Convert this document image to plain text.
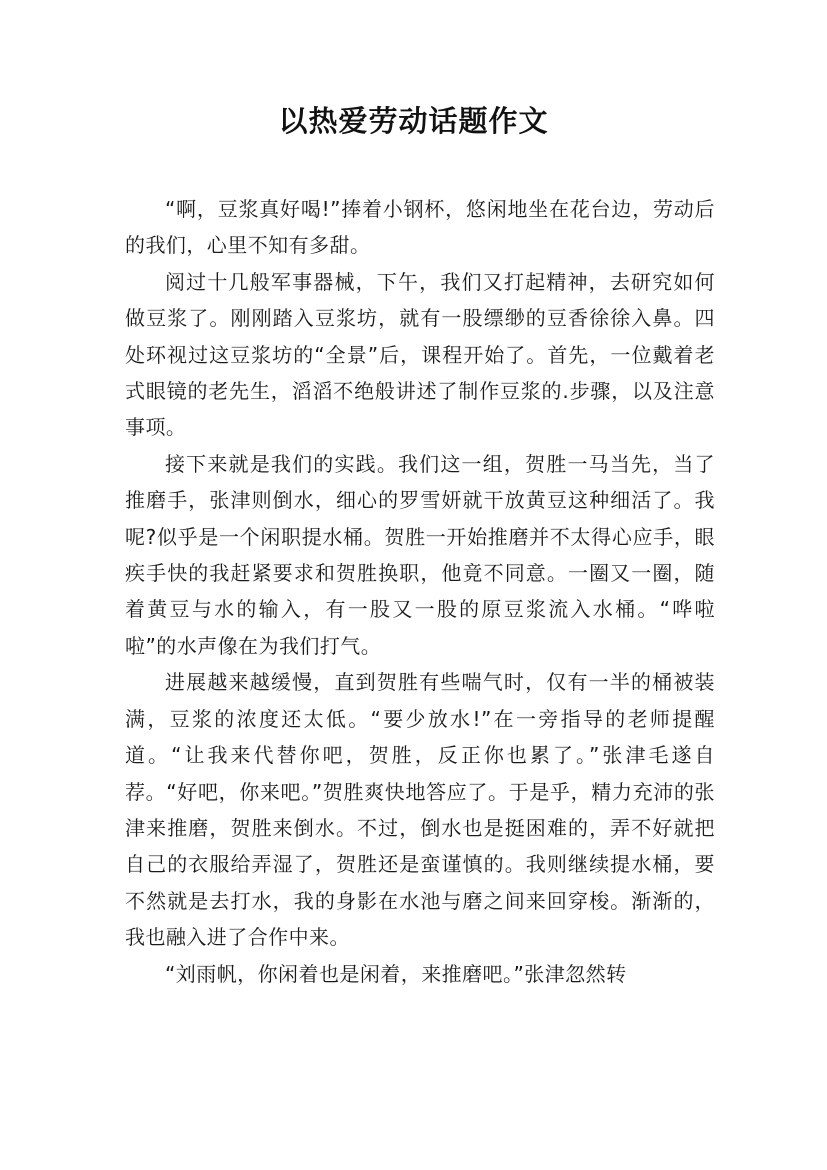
以热爱劳动话题作文

“啊，豆浆真好喝!”捧着小钢杯，悠闲地坐在花台边，劳动后的我们，心里不知有多甜。

阅过十几般军事器械，下午，我们又打起精神，去研究如何做豆浆了。刚刚踏入豆浆坊，就有一股缥缈的豆香徐徐入鼻。四处环视过这豆浆坊的“全景”后，课程开始了。首先，一位戴着老式眼镜的老先生，滔滔不绝般讲述了制作豆浆的.步骤，以及注意事项。

接下来就是我们的实践。我们这一组，贺胜一马当先，当了推磨手，张津则倒水，细心的罗雪妍就干放黄豆这种细活了。我呢?似乎是一个闲职提水桶。贺胜一开始推磨并不太得心应手，眼疾手快的我赶紧要求和贺胜换职，他竟不同意。一圈又一圈，随着黄豆与水的输入，有一股又一股的原豆浆流入水桶。“哗啦啦”的水声像在为我们打气。

进展越来越缓慢，直到贺胜有些喘气时，仅有一半的桶被装满，豆浆的浓度还太低。“要少放水!”在一旁指导的老师提醒道。“让我来代替你吧，贺胜，反正你也累了。”张津毛遂自荐。“好吧，你来吧。”贺胜爽快地答应了。于是乎，精力充沛的张津来推磨，贺胜来倒水。不过，倒水也是挺困难的，弄不好就把自己的衣服给弄湿了，贺胜还是蛮谨慎的。我则继续提水桶，要不然就是去打水，我的身影在水池与磨之间来回穿梭。渐渐的，我也融入进了合作中来。

“刘雨帆，你闲着也是闲着，来推磨吧。”张津忽然转
